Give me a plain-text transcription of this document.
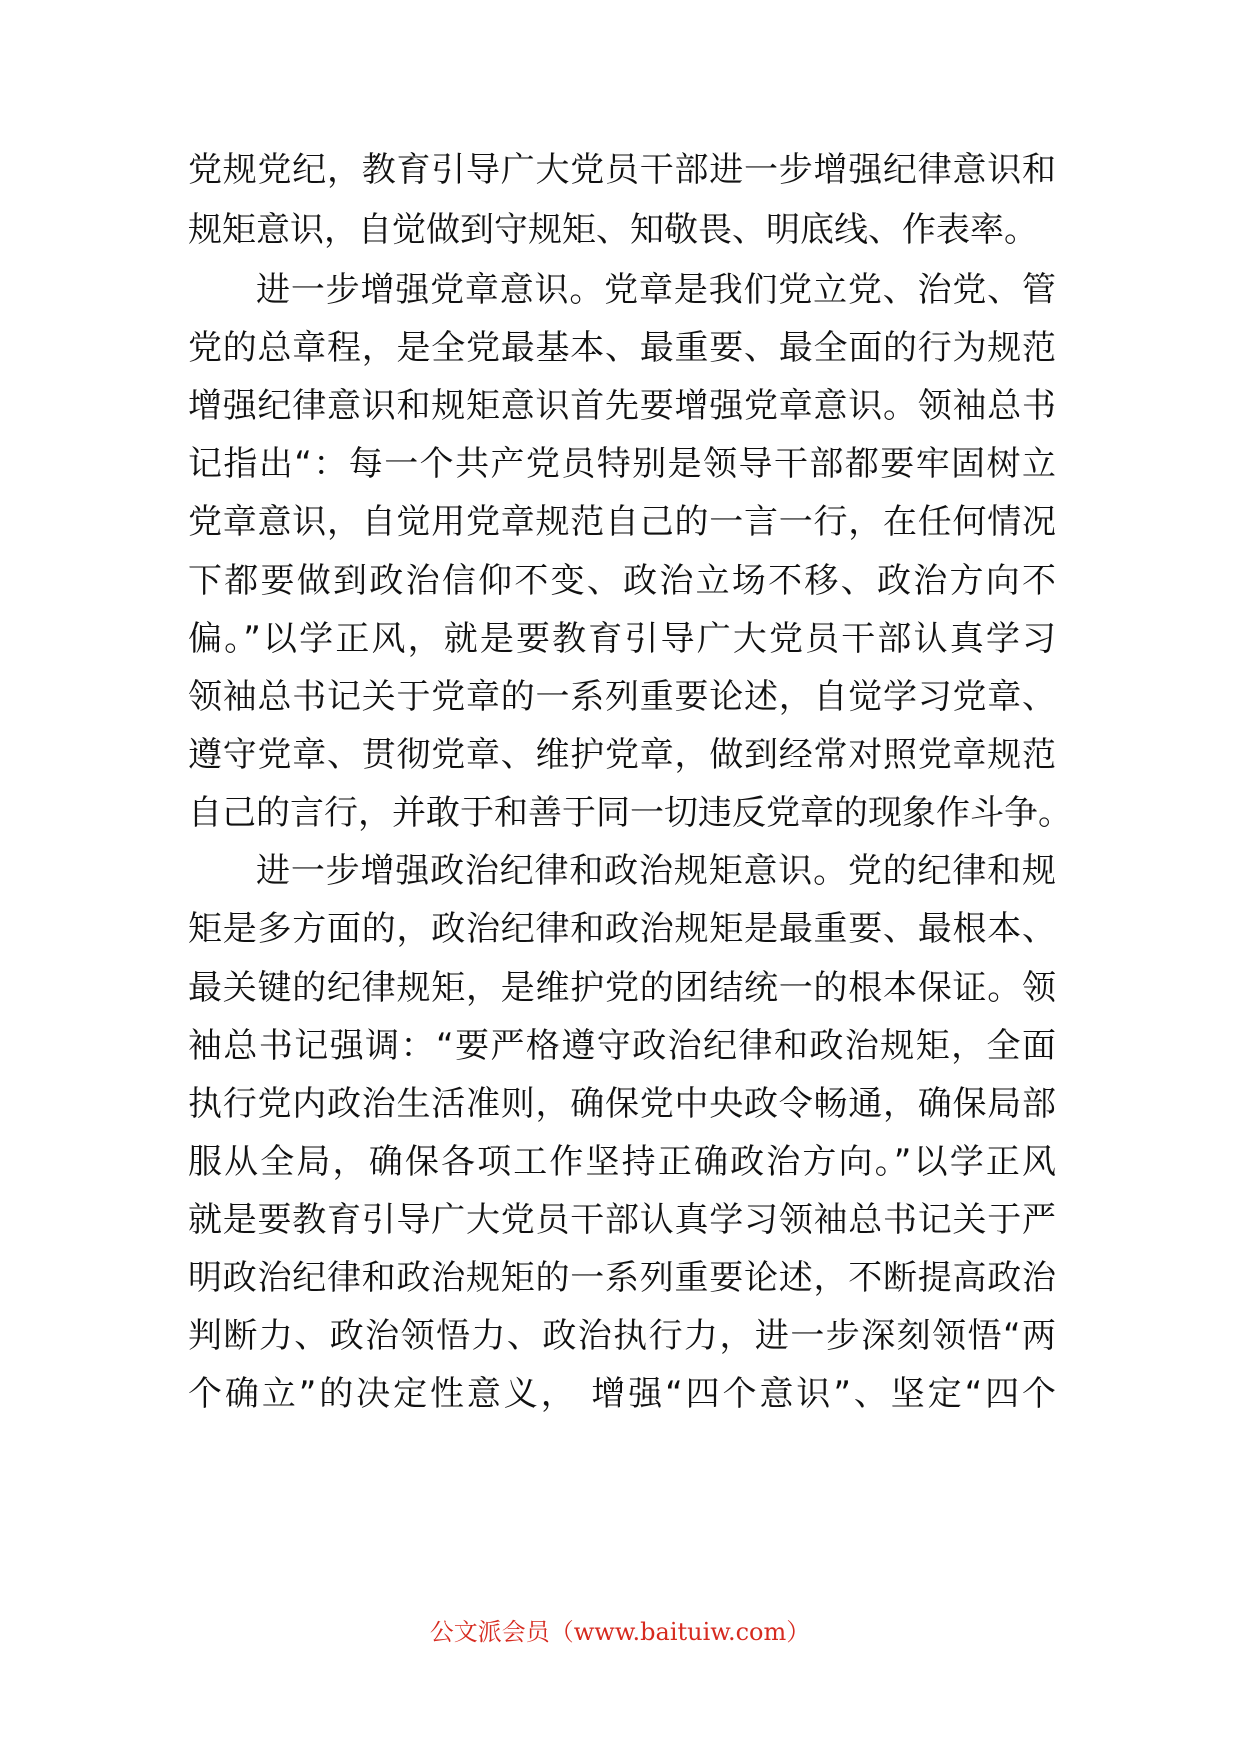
党规党纪，教育引导广大党员干部进一步增强纪律意识和
规矩意识，自觉做到守规矩、知敬畏、明底线、作表率。
进一步增强党章意识。党章是我们党立党、治党、管
党的总章程，是全党最基本、最重要、最全面的行为规范
增强纪律意识和规矩意识首先要增强党章意识。领袖总书
记指出“：每一个共产党员特别是领导干部都要牢固树立
党章意识，自觉用党章规范自己的一言一行，在任何情况
下都要做到政治信仰不变、政治立场不移、政治方向不
偏。”以学正风，就是要教育引导广大党员干部认真学习
领袖总书记关于党章的一系列重要论述，自觉学习党章、
遵守党章、贯彻党章、维护党章，做到经常对照党章规范
自己的言行，并敢于和善于同一切违反党章的现象作斗争。
进一步增强政治纪律和政治规矩意识。党的纪律和规
矩是多方面的，政治纪律和政治规矩是最重要、最根本、
最关键的纪律规矩，是维护党的团结统一的根本保证。领
袖总书记强调：“要严格遵守政治纪律和政治规矩，全面
执行党内政治生活准则，确保党中央政令畅通，确保局部
服从全局，确保各项工作坚持正确政治方向。”以学正风
就是要教育引导广大党员干部认真学习领袖总书记关于严
明政治纪律和政治规矩的一系列重要论述，不断提高政治
判断力、政治领悟力、政治执行力，进一步深刻领悟“两
个确立”的决定性意义， 增强“四个意识”、坚定“四个
公文派会员（www.baituiw.com）
